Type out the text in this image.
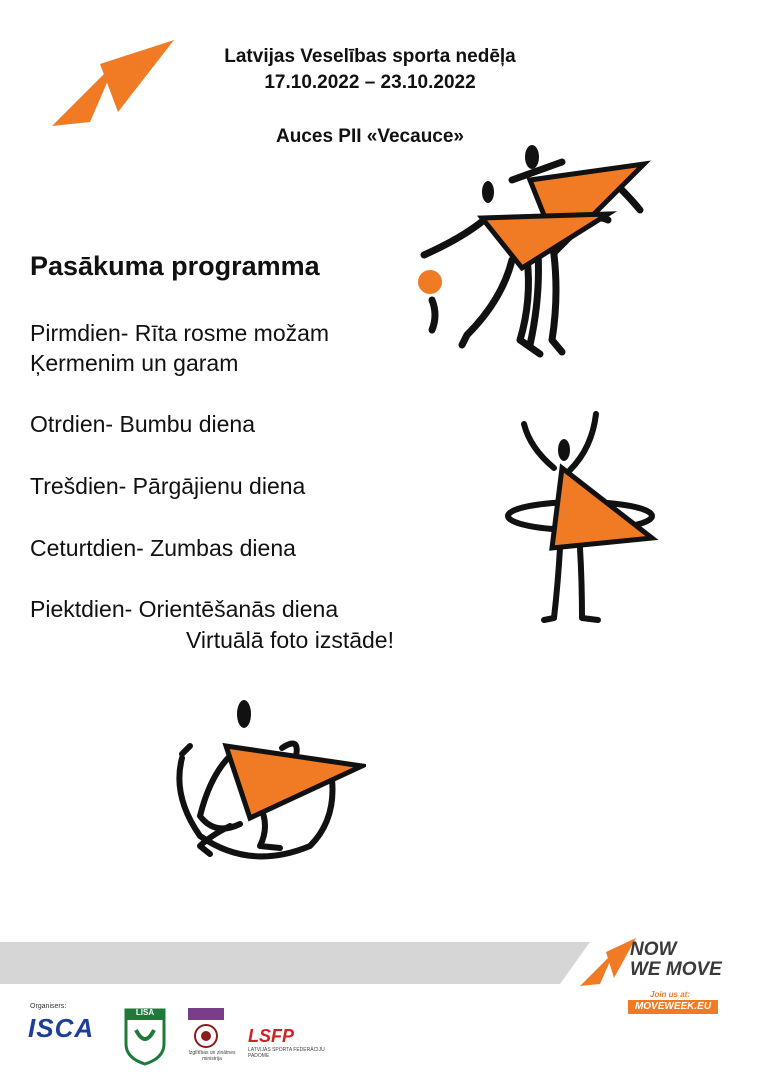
Latvijas Veselības sporta nedēļa
17.10.2022 – 23.10.2022
Auces PII «Vecauce»
Pasākuma programma
Pirmdien- Rīta rosme možam
Ķermenim un garam
Otrdien- Bumbu diena
Trešdien- Pārgājienu diena
Ceturtdien- Zumbas diena
Piektdien- Orientēšanās diena
Virtuālā foto izstāde!
NOW
WE MOVE
Join us at:
MOVEWEEK.EU
Organisers:
ISCA
LISA
Izglītības un zinātnes ministrija
LSFP
LATVIJAS SPORTA FEDERĀCIJU PADOME
